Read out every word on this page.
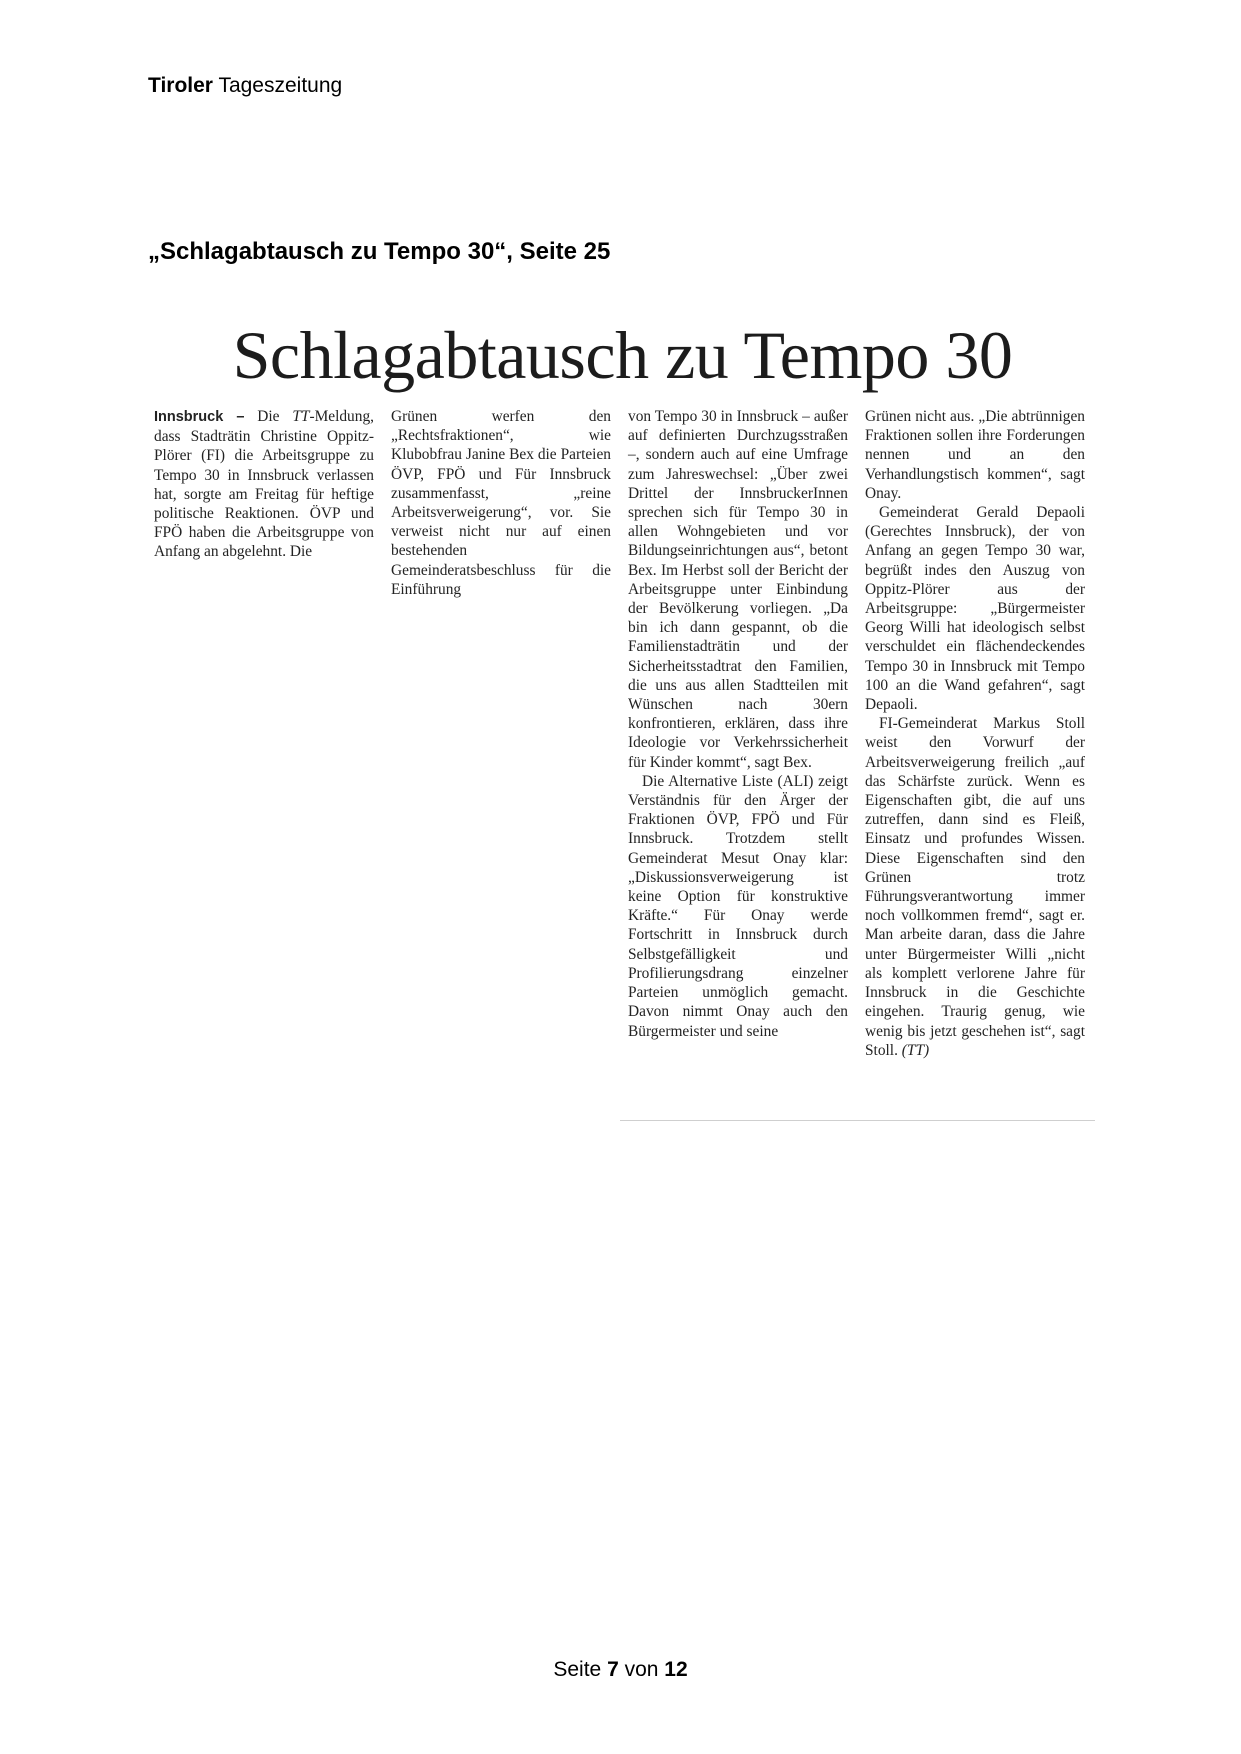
Tiroler Tageszeitung
„Schlagabtausch zu Tempo 30“, Seite 25
Schlagabtausch zu Tempo 30

Innsbruck – Die TT-Meldung, dass Stadträtin Christine Oppitz-Plörer (FI) die Arbeitsgruppe zu Tempo 30 in Innsbruck verlassen hat, sorgte am Freitag für heftige politische Reaktionen. ÖVP und FPÖ haben die Arbeitsgruppe von Anfang an abgelehnt. Die

Grünen werfen den „Rechtsfraktionen“, wie Klubobfrau Janine Bex die Parteien ÖVP, FPÖ und Für Innsbruck zusammenfasst, „reine Arbeitsverweigerung“, vor. Sie verweist nicht nur auf einen bestehenden Gemeinderatsbeschluss für die Einführung

von Tempo 30 in Innsbruck – außer auf definierten Durchzugsstraßen –, sondern auch auf eine Umfrage zum Jahreswechsel: „Über zwei Drittel der InnsbruckerInnen sprechen sich für Tempo 30 in allen Wohngebieten und vor Bildungseinrichtungen aus“, betont Bex. Im Herbst soll der Bericht der Arbeitsgruppe unter Einbindung der Bevölkerung vorliegen. „Da bin ich dann gespannt, ob die Familienstadträtin und der Sicherheitsstadtrat den Familien, die uns aus allen Stadtteilen mit Wünschen nach 30ern konfrontieren, erklären, dass ihre Ideologie vor Verkehrssicherheit für Kinder kommt“, sagt Bex.

Die Alternative Liste (ALI) zeigt Verständnis für den Ärger der Fraktionen ÖVP, FPÖ und Für Innsbruck. Trotzdem stellt Gemeinderat Mesut Onay klar: „Diskussionsverweigerung ist keine Option für konstruktive Kräfte.“ Für Onay werde Fortschritt in Innsbruck durch Selbstgefälligkeit und Profilierungsdrang einzelner Parteien unmöglich gemacht. Davon nimmt Onay auch den Bürgermeister und seine

Grünen nicht aus. „Die abtrünnigen Fraktionen sollen ihre Forderungen nennen und an den Verhandlungstisch kommen“, sagt Onay.

Gemeinderat Gerald Depaoli (Gerechtes Innsbruck), der von Anfang an gegen Tempo 30 war, begrüßt indes den Auszug von Oppitz-Plörer aus der Arbeitsgruppe: „Bürgermeister Georg Willi hat ideologisch selbst verschuldet ein flächendeckendes Tempo 30 in Innsbruck mit Tempo 100 an die Wand gefahren“, sagt Depaoli.

FI-Gemeinderat Markus Stoll weist den Vorwurf der Arbeitsverweigerung freilich „auf das Schärfste zurück. Wenn es Eigenschaften gibt, die auf uns zutreffen, dann sind es Fleiß, Einsatz und profundes Wissen. Diese Eigenschaften sind den Grünen trotz Führungsverantwortung immer noch vollkommen fremd“, sagt er. Man arbeite daran, dass die Jahre unter Bürgermeister Willi „nicht als komplett verlorene Jahre für Innsbruck in die Geschichte eingehen. Traurig genug, wie wenig bis jetzt geschehen ist“, sagt Stoll. (TT)

Seite 7 von 12
